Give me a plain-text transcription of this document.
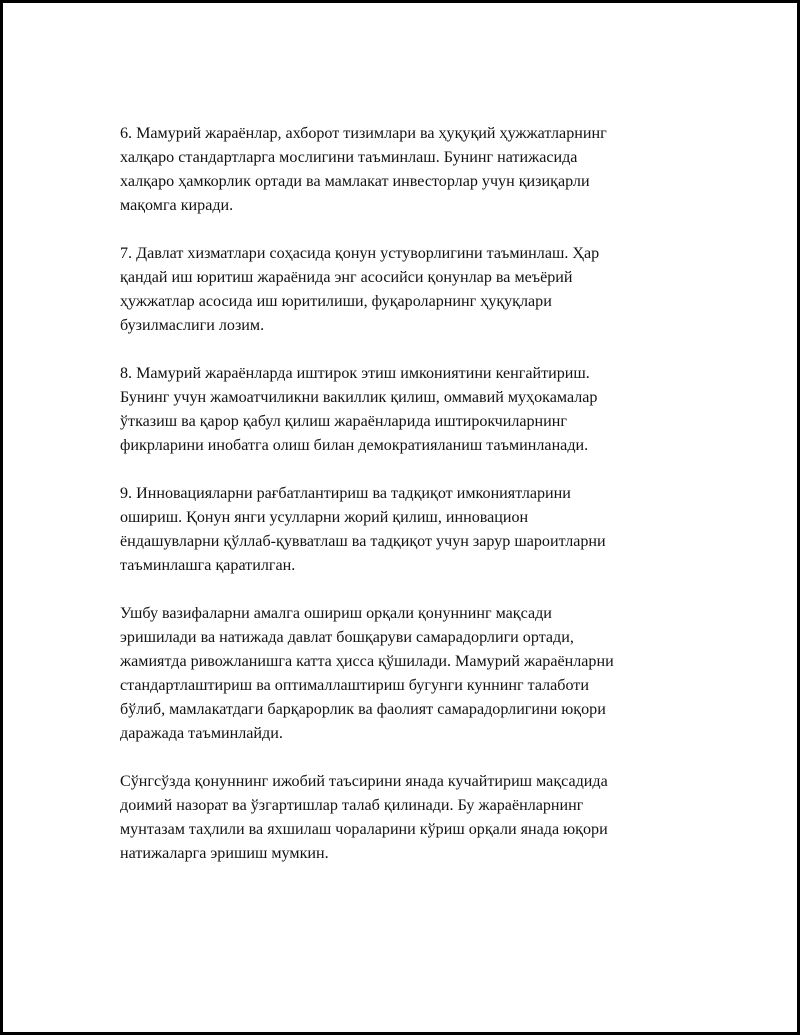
6. Мамурий жараёнлар, ахборот тизимлари ва ҳуқуқий ҳужжатларнинг
халқаро стандартларга мослигини таъминлаш. Бунинг натижасида
халқаро ҳамкорлик ортади ва мамлакат инвесторлар учун қизиқарли
мақомга киради.

7. Давлат хизматлари соҳасида қонун устуворлигини таъминлаш. Ҳар
қандай иш юритиш жараёнида энг асосийси қонунлар ва меъёрий
ҳужжатлар асосида иш юритилиши, фуқароларнинг ҳуқуқлари
бузилмаслиги лозим.

8. Мамурий жараёнларда иштирок этиш имкониятини кенгайтириш.
Бунинг учун жамоатчиликни вакиллик қилиш, оммавий муҳокамалар
ўтказиш ва қарор қабул қилиш жараёнларида иштирокчиларнинг
фикрларини инобатга олиш билан демократияланиш таъминланади.

9. Инновацияларни рағбатлантириш ва тадқиқот имкониятларини
ошириш. Қонун янги усулларни жорий қилиш, инновацион
ёндашувларни қўллаб-қувватлаш ва тадқиқот учун зарур шароитларни
таъминлашга қаратилган.

Ушбу вазифаларни амалга ошириш орқали қонуннинг мақсади
эришилади ва натижада давлат бошқаруви самарадорлиги ортади,
жамиятда ривожланишга катта ҳисса қўшилади. Мамурий жараёнларни
стандартлаштириш ва оптималлаштириш бугунги куннинг талаботи
бўлиб, мамлакатдаги барқарорлик ва фаолият самарадорлигини юқори
даражада таъминлайди.

Сўнгсўзда қонуннинг ижобий таъсирини янада кучайтириш мақсадида
доимий назорат ва ўзгартишлар талаб қилинади. Бу жараёнларнинг
мунтазам таҳлили ва яхшилаш чораларини кўриш орқали янада юқори
натижаларга эришиш мумкин.
